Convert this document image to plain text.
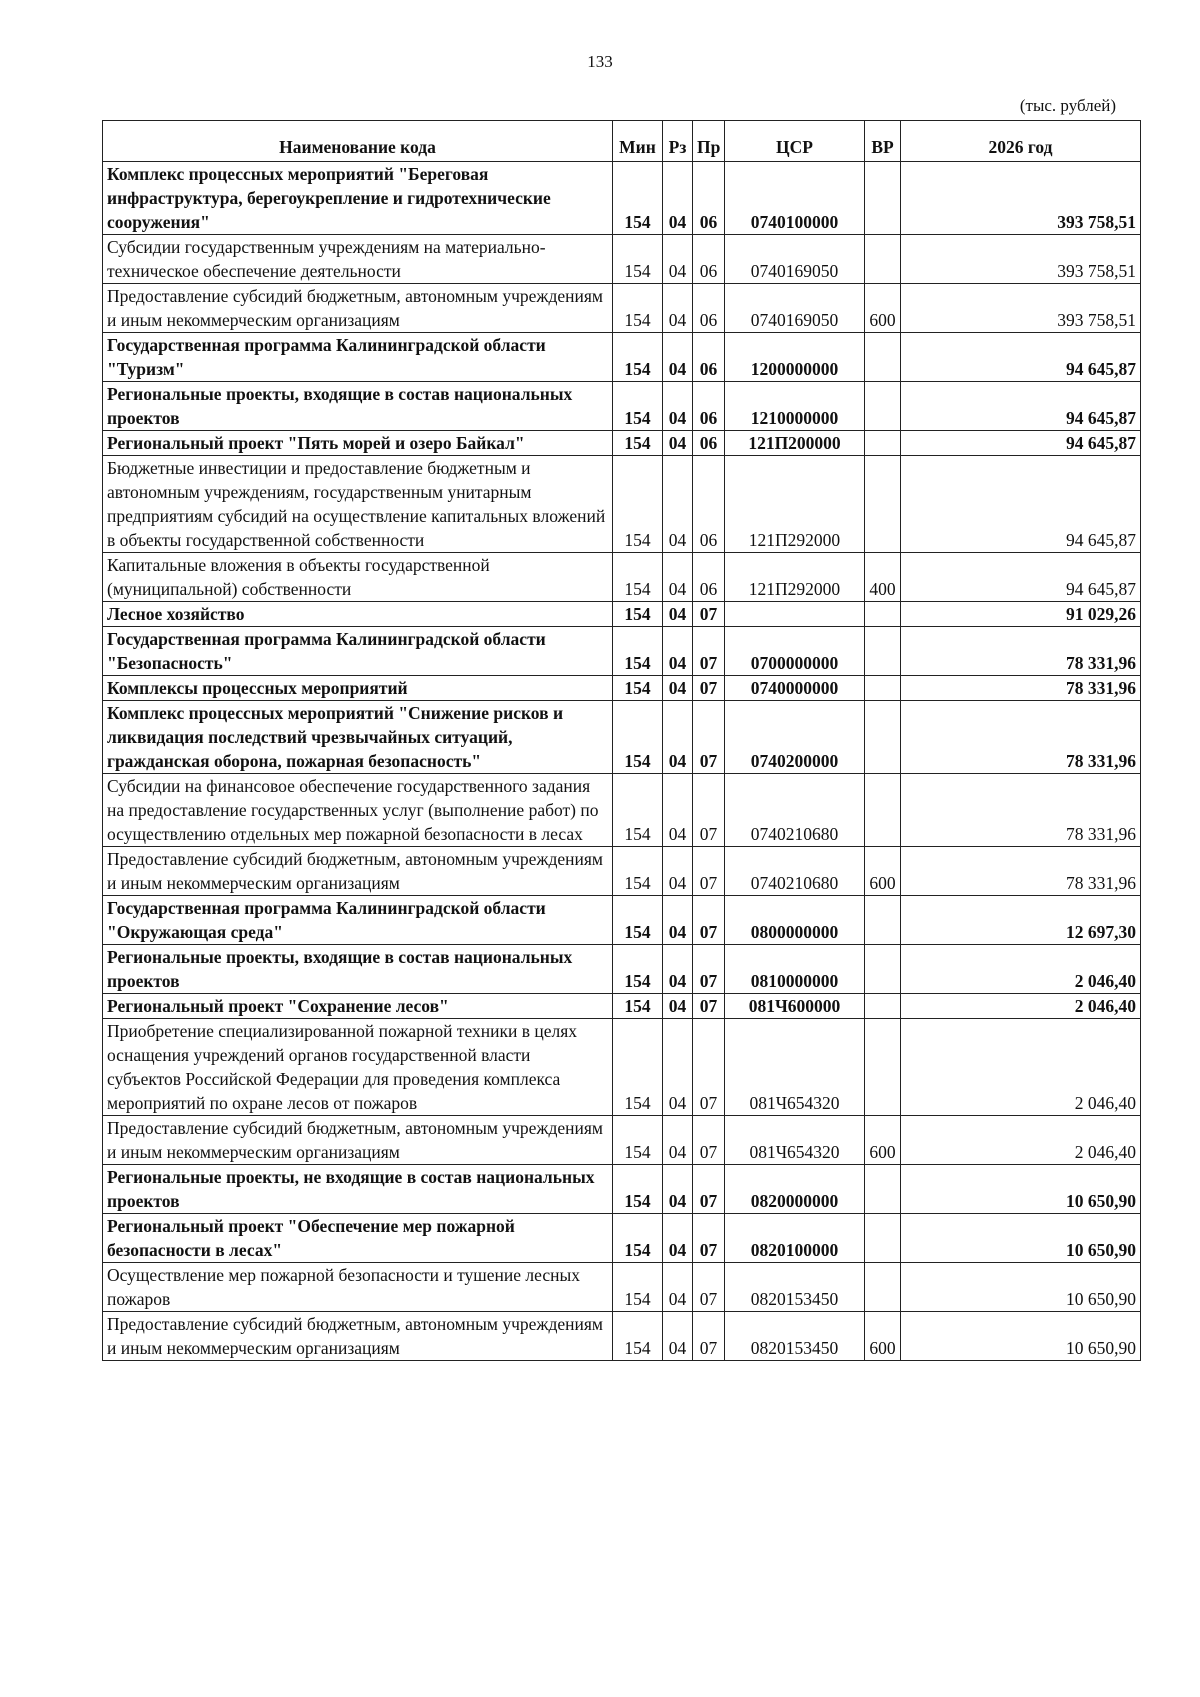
133
(тыс. рублей)
Наименование кода	Мин	Рз	Пр	ЦСР	ВР	2026 год
Комплекс процессных мероприятий "Береговая инфраструктура, берегоукрепление и гидротехнические сооружения"	154	04	06	0740100000		393 758,51
Субсидии государственным учреждениям на материально-техническое обеспечение деятельности	154	04	06	0740169050		393 758,51
Предоставление субсидий бюджетным, автономным учреждениям и иным некоммерческим организациям	154	04	06	0740169050	600	393 758,51
Государственная программа Калининградской области "Туризм"	154	04	06	1200000000		94 645,87
Региональные проекты, входящие в состав национальных проектов	154	04	06	1210000000		94 645,87
Региональный проект "Пять морей и озеро Байкал"	154	04	06	121П200000		94 645,87
Бюджетные инвестиции и предоставление бюджетным и автономным учреждениям, государственным унитарным предприятиям субсидий на осуществление капитальных вложений в объекты государственной собственности	154	04	06	121П292000		94 645,87
Капитальные вложения в объекты государственной (муниципальной) собственности	154	04	06	121П292000	400	94 645,87
Лесное хозяйство	154	04	07			91 029,26
Государственная программа Калининградской области "Безопасность"	154	04	07	0700000000		78 331,96
Комплексы процессных мероприятий	154	04	07	0740000000		78 331,96
Комплекс процессных мероприятий "Снижение рисков и ликвидация последствий чрезвычайных ситуаций, гражданская оборона, пожарная безопасность"	154	04	07	0740200000		78 331,96
Субсидии на финансовое обеспечение государственного задания на предоставление государственных услуг (выполнение работ) по осуществлению отдельных мер пожарной безопасности в лесах	154	04	07	0740210680		78 331,96
Предоставление субсидий бюджетным, автономным учреждениям и иным некоммерческим организациям	154	04	07	0740210680	600	78 331,96
Государственная программа Калининградской области "Окружающая среда"	154	04	07	0800000000		12 697,30
Региональные проекты, входящие в состав национальных проектов	154	04	07	0810000000		2 046,40
Региональный проект "Сохранение лесов"	154	04	07	081Ч600000		2 046,40
Приобретение специализированной пожарной техники в целях оснащения учреждений органов государственной власти субъектов Российской Федерации для проведения комплекса мероприятий по охране лесов от пожаров	154	04	07	081Ч654320		2 046,40
Предоставление субсидий бюджетным, автономным учреждениям и иным некоммерческим организациям	154	04	07	081Ч654320	600	2 046,40
Региональные проекты, не входящие в состав национальных проектов	154	04	07	0820000000		10 650,90
Региональный проект "Обеспечение мер пожарной безопасности в лесах"	154	04	07	0820100000		10 650,90
Осуществление мер пожарной безопасности и тушение лесных пожаров	154	04	07	0820153450		10 650,90
Предоставление субсидий бюджетным, автономным учреждениям и иным некоммерческим организациям	154	04	07	0820153450	600	10 650,90
